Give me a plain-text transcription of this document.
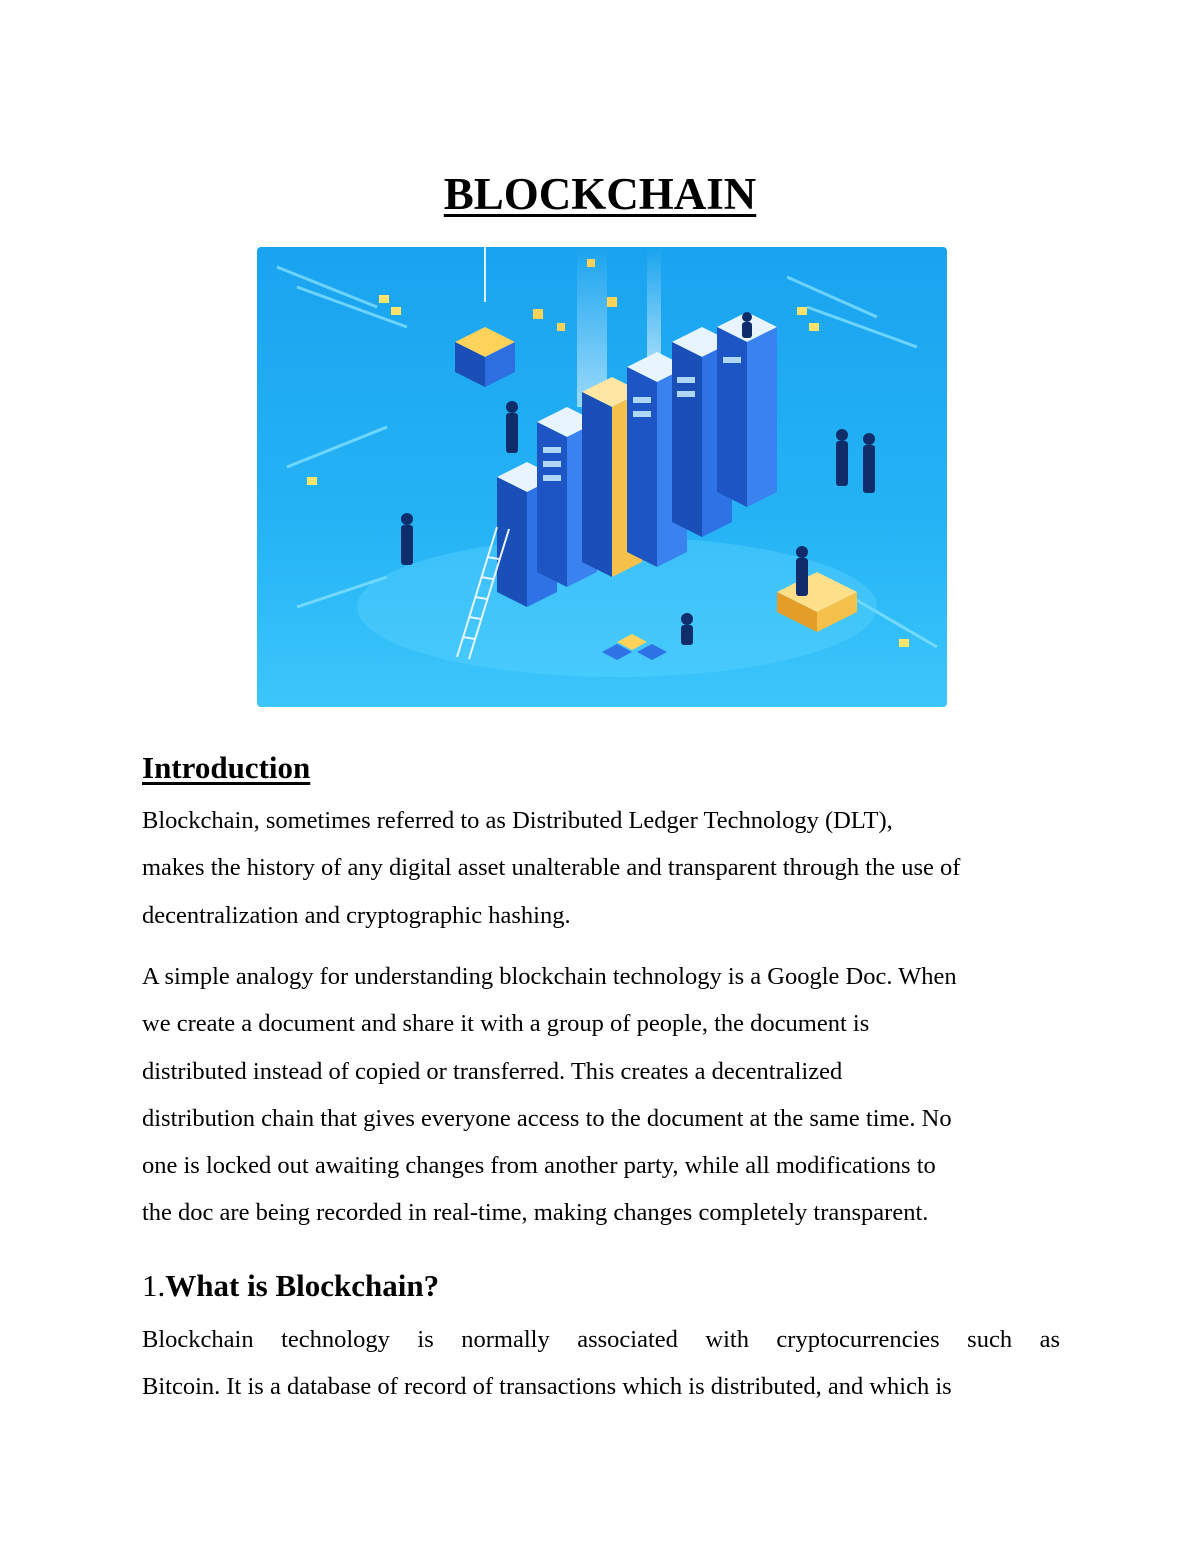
BLOCKCHAIN
Introduction

Blockchain, sometimes referred to as Distributed Ledger Technology (DLT),
makes the history of any digital asset unalterable and transparent through the use of
decentralization and cryptographic hashing.

A simple analogy for understanding blockchain technology is a Google Doc. When
we create a document and share it with a group of people, the document is
distributed instead of copied or transferred. This creates a decentralized
distribution chain that gives everyone access to the document at the same time. No
one is locked out awaiting changes from another party, while all modifications to
the doc are being recorded in real-time, making changes completely transparent.

1.What is Blockchain?

Blockchain technology is normally associated with cryptocurrencies such as
Bitcoin. It is a database of record of transactions which is distributed, and which is
